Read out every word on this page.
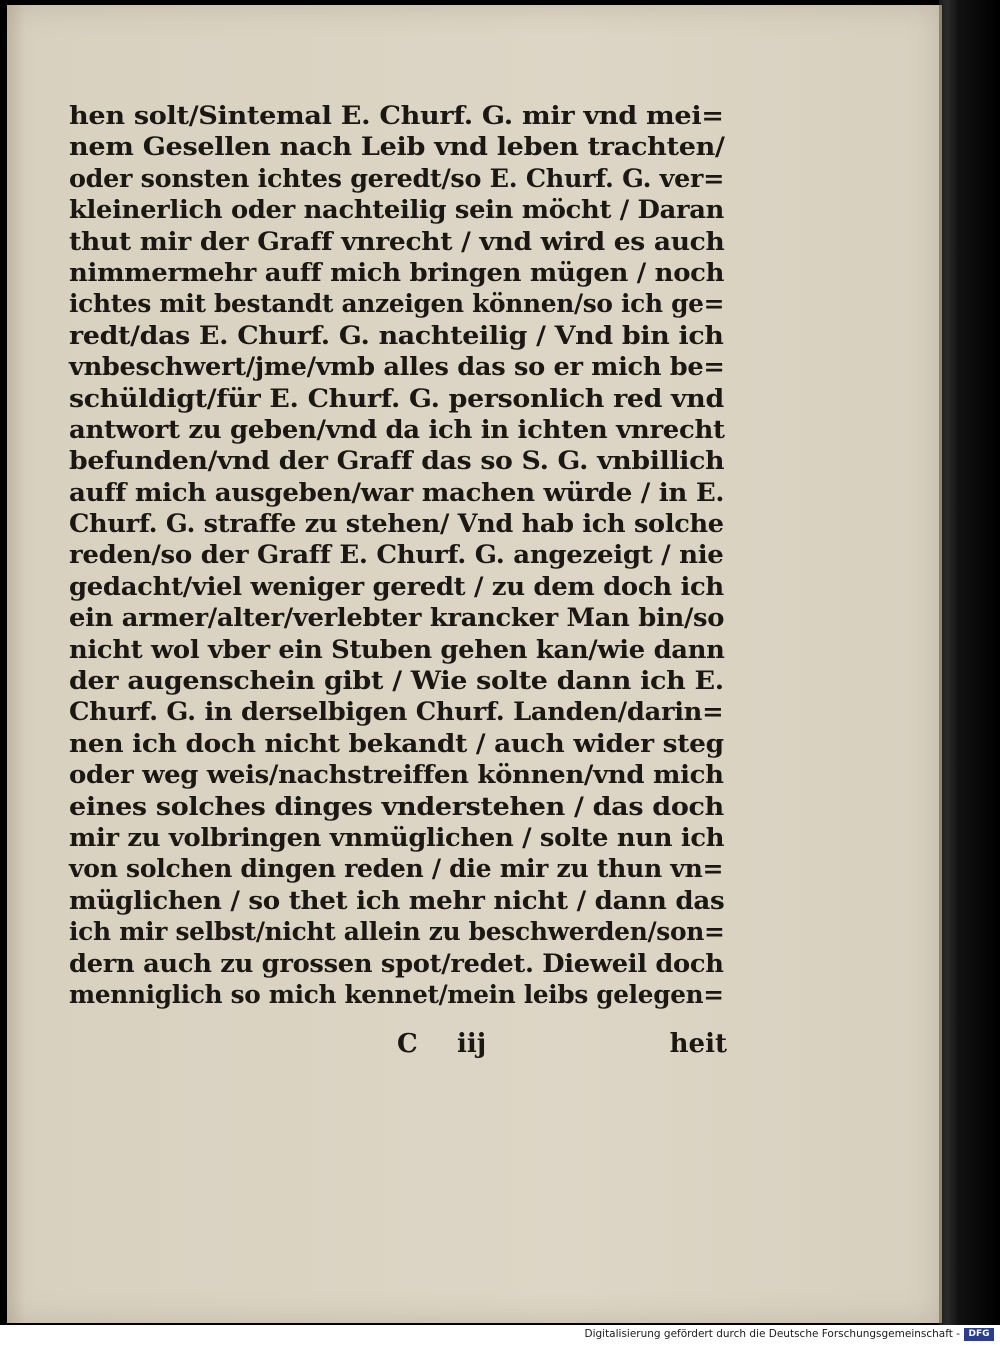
hen solt/Sintemal E. Churf. G. mir vnd mei=
nem Gesellen nach Leib vnd leben trachten/
oder sonsten ichtes geredt/so E. Churf. G. ver=
kleinerlich oder nachteilig sein möcht / Daran
thut mir der Graff vnrecht / vnd wird es auch
nimmermehr auff mich bringen mügen / noch
ichtes mit bestandt anzeigen können/so ich ge=
redt/das E. Churf. G. nachteilig / Vnd bin ich
vnbeschwert/jme/vmb alles das so er mich be=
schüldigt/für E. Churf. G. personlich red vnd
antwort zu geben/vnd da ich in ichten vnrecht
befunden/vnd der Graff das so S. G. vnbillich
auff mich ausgeben/war machen würde / in E.
Churf. G. straffe zu stehen/ Vnd hab ich solche
reden/so der Graff E. Churf. G. angezeigt / nie
gedacht/viel weniger geredt / zu dem doch ich
ein armer/alter/verlebter krancker Man bin/so
nicht wol vber ein Stuben gehen kan/wie dann
der augenschein gibt / Wie solte dann ich E.
Churf. G. in derselbigen Churf. Landen/darin=
nen ich doch nicht bekandt / auch wider steg
oder weg weis/nachstreiffen können/vnd mich
eines solches dinges vnderstehen / das doch
mir zu volbringen vnmüglichen / solte nun ich
von solchen dingen reden / die mir zu thun vn=
müglichen / so thet ich mehr nicht / dann das
ich mir selbst/nicht allein zu beschwerden/son=
dern auch zu grossen spot/redet. Dieweil doch
menniglich so mich kennet/mein leibs gelegen=
C iij	heit
Digitalisierung gefördert durch die Deutsche Forschungsgemeinschaft - DFG
